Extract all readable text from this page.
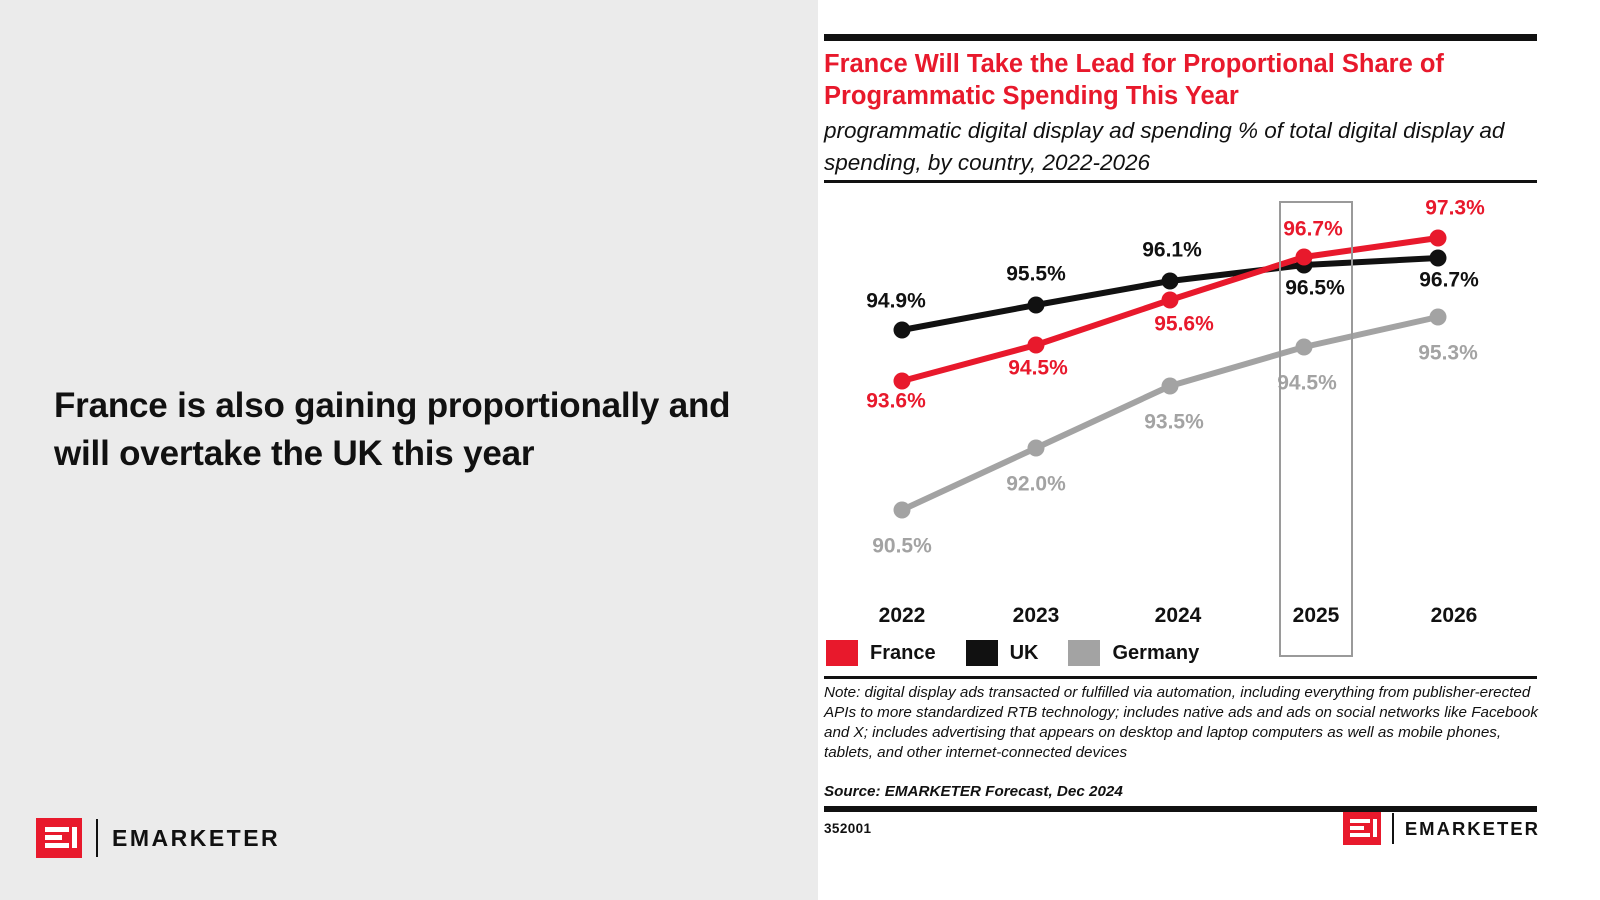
France is also gaining proportionally and will overtake the UK this year
EMARKETER
France Will Take the Lead for Proportional Share of Programmatic Spending This Year
programmatic digital display ad spending % of total digital display ad spending, by country, 2022-2026
90.5%
92.0%
93.5%
94.5%
95.3%
94.9%
95.5%
96.1%
96.5%	96.7%
93.6%
94.5%
95.6%
96.7%
97.3%
2022	2023	2024	2025	2026
France	UK	Germany
Note: digital display ads transacted or fulfilled via automation, including everything from publisher-erected APIs to more standardized RTB technology; includes native ads and ads on social networks like Facebook and X; includes advertising that appears on desktop and laptop computers as well as mobile phones, tablets, and other internet-connected devices
Source: EMARKETER Forecast, Dec 2024
352001	EMARKETER
